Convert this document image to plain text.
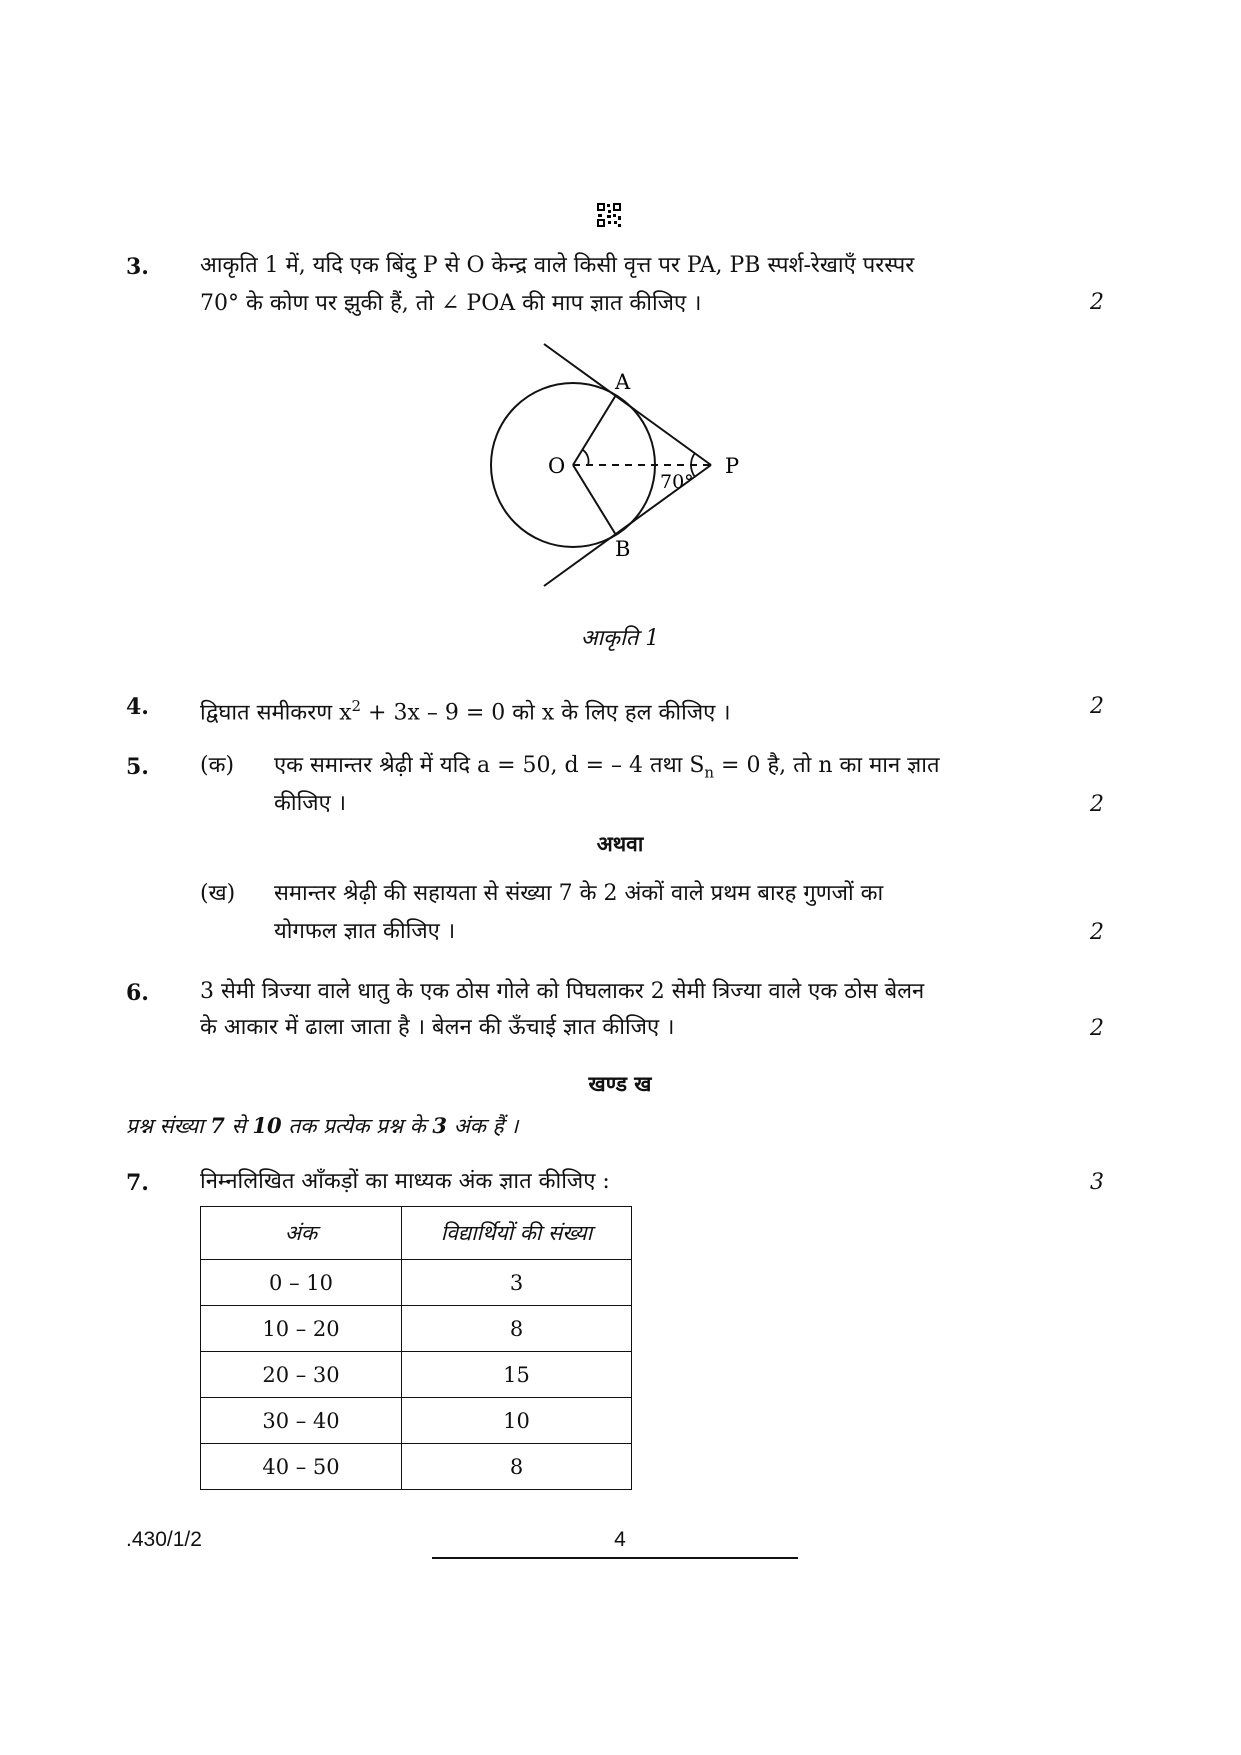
3. आकृति 1 में, यदि एक बिंदु P से O केन्द्र वाले किसी वृत्त पर PA, PB स्पर्श-रेखाएँ परस्पर
70° के कोण पर झुकी हैं, तो ∠ POA की माप ज्ञात कीजिए ।	2
A
O	P
B
70°
आकृति 1
4. द्विघात समीकरण $x^2 + 3x - 9 = 0$ को x के लिए हल कीजिए ।	2
5. (क) एक समान्तर श्रेढ़ी में यदि a = 50, d = – 4 तथा $S_n = 0$ है, तो n का मान ज्ञात
कीजिए ।	2
अथवा
(ख) समान्तर श्रेढ़ी की सहायता से संख्या 7 के 2 अंकों वाले प्रथम बारह गुणजों का
योगफल ज्ञात कीजिए ।	2
6. 3 सेमी त्रिज्या वाले धातु के एक ठोस गोले को पिघलाकर 2 सेमी त्रिज्या वाले एक ठोस बेलन
के आकार में ढाला जाता है । बेलन की ऊँचाई ज्ञात कीजिए ।	2
खण्ड ख
प्रश्न संख्या 7 से 10 तक प्रत्येक प्रश्न के 3 अंक हैं ।
7. निम्नलिखित आँकड़ों का माध्यक अंक ज्ञात कीजिए :	3
अंक	विद्यार्थियों की संख्या
0 – 10	3
10 – 20	8
20 – 30	15
30 – 40	10
40 – 50	8
.430/1/2	4
